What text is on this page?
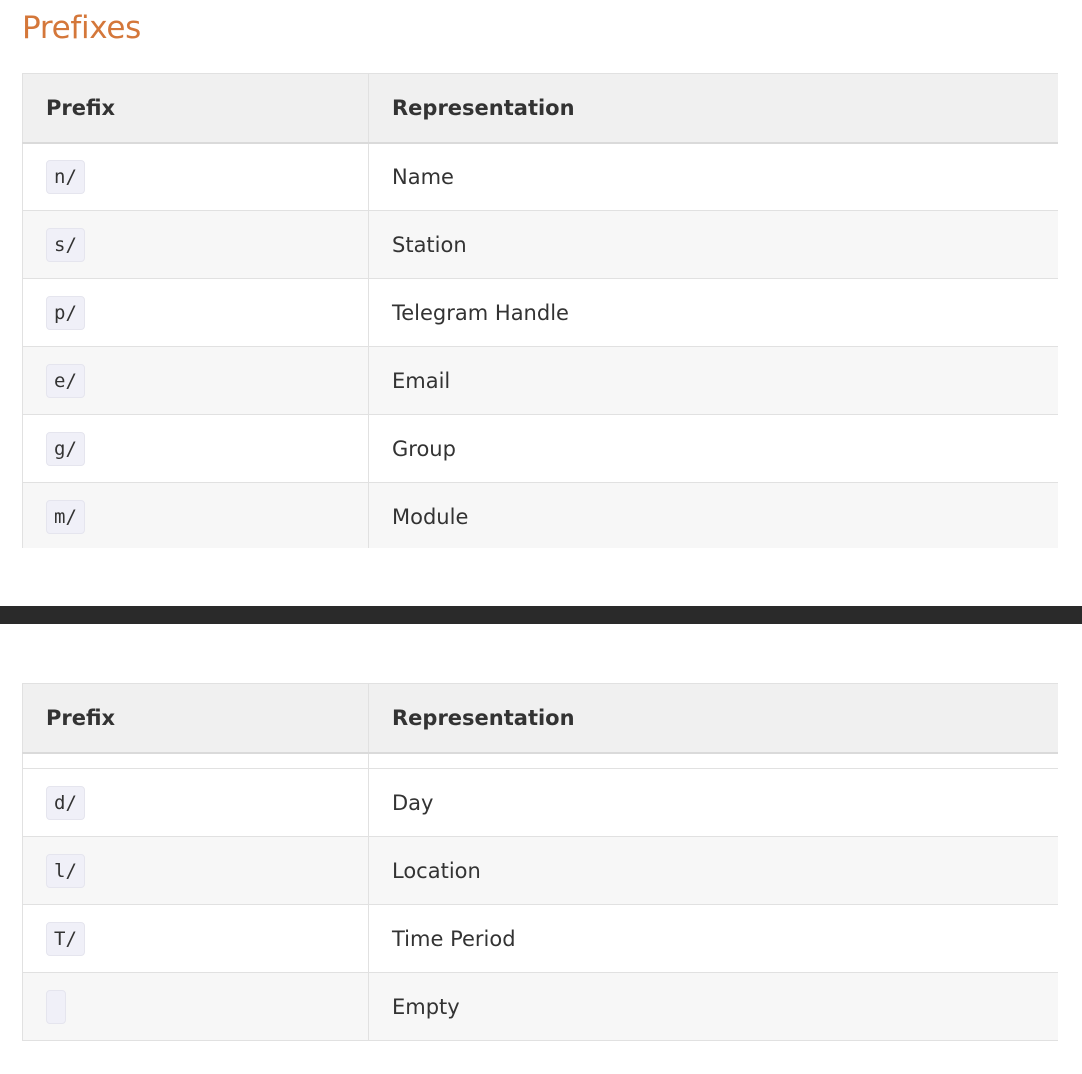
Prefixes
Prefix	Representation
n/	Name
s/	Station
p/	Telegram Handle
e/	Email
g/	Group
m/	Module
Prefix	Representation

d/	Day
l/	Location
T/	Time Period
	Empty
